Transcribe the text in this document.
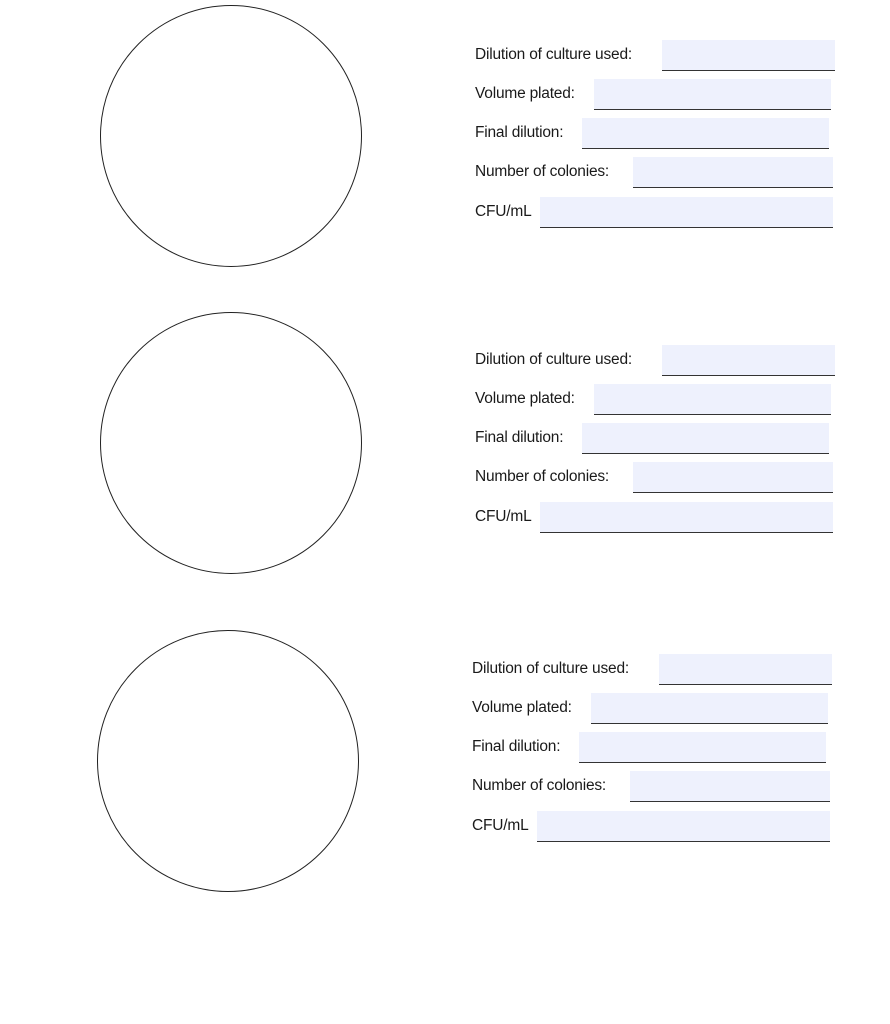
Dilution of culture used:
Volume plated:
Final dilution:
Number of colonies:
CFU/mL
Dilution of culture used:
Volume plated:
Final dilution:
Number of colonies:
CFU/mL
Dilution of culture used:
Volume plated:
Final dilution:
Number of colonies:
CFU/mL
